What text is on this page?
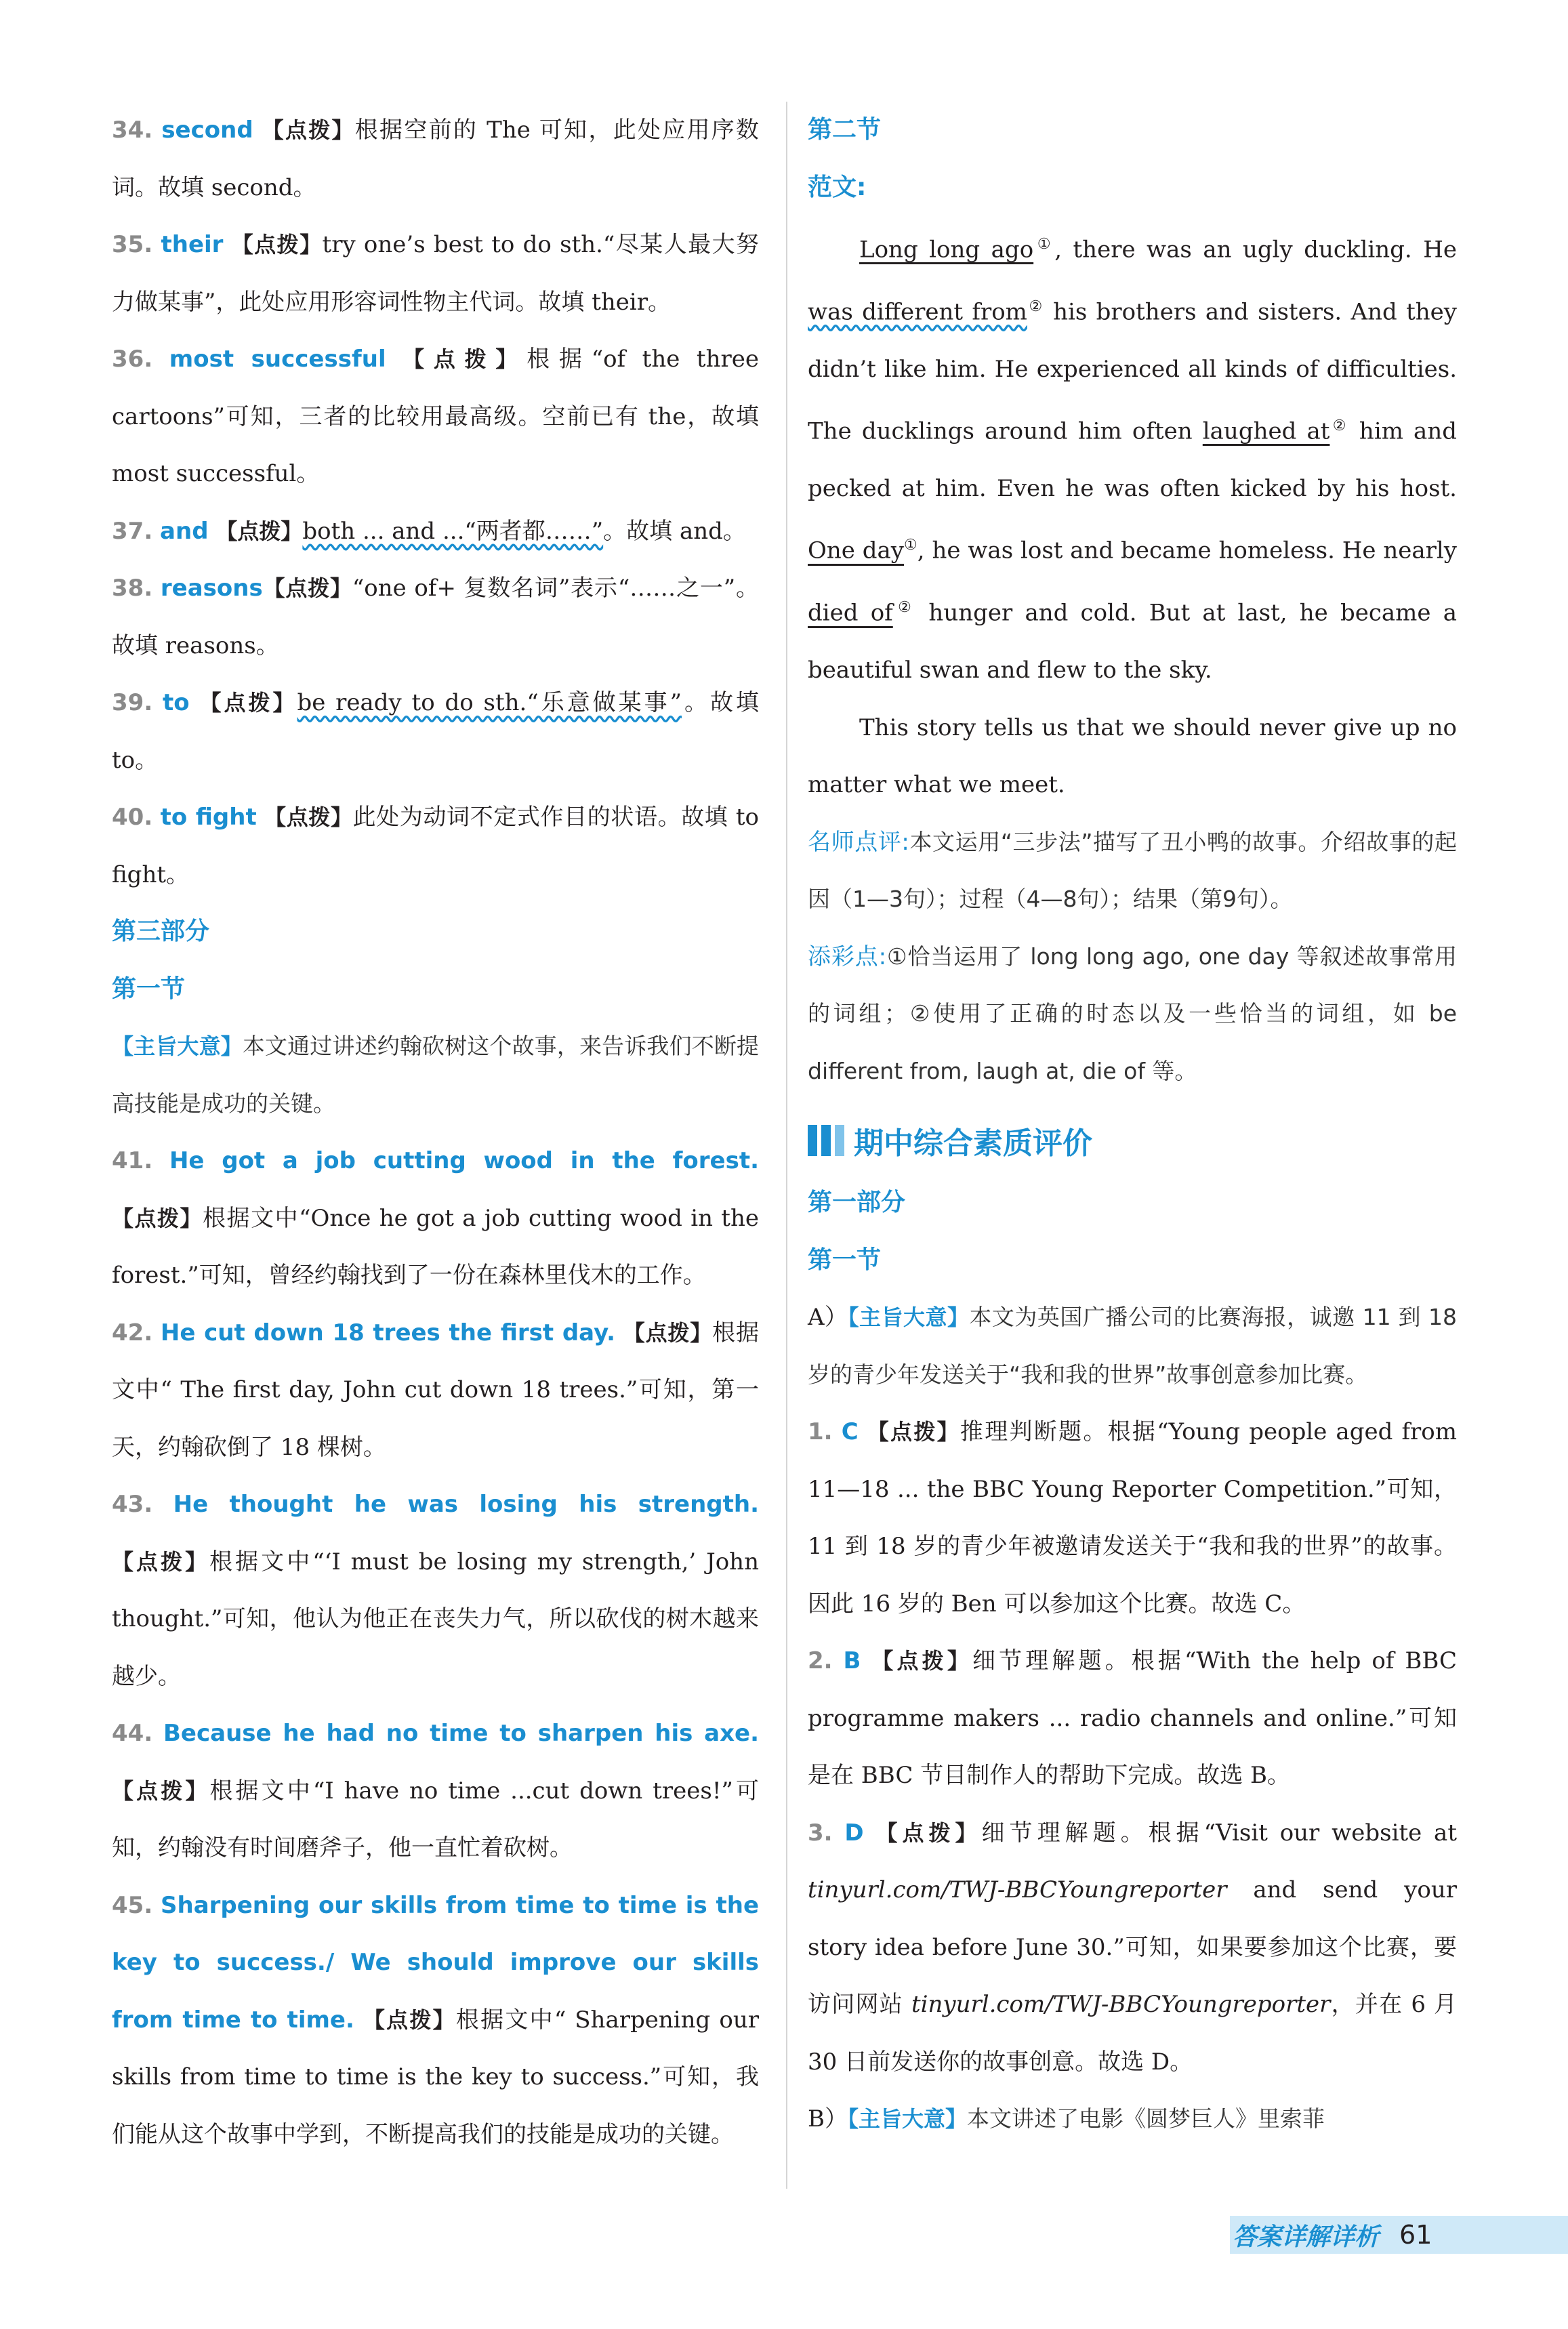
34. second 【点拨】根据空前的 The 可知，此处应用序数词。故填 second。

35. their 【点拨】try one’s best to do sth.“尽某人最大努力做某事”，此处应用形容词性物主代词。故填 their。

36. most successful 【点拨】根据“of the three cartoons”可知，三者的比较用最高级。空前已有 the，故填 most successful。

37. and 【点拨】both ... and ...“两者都……”。故填 and。

38. reasons【点拨】“one of+ 复数名词”表示“……之一”。故填 reasons。

39. to 【点拨】be ready to do sth.“乐意做某事”。故填 to。

40. to fight 【点拨】此处为动词不定式作目的状语。故填 to fight。

第三部分

第一节

【主旨大意】本文通过讲述约翰砍树这个故事，来告诉我们不断提高技能是成功的关键。

41. He got a job cutting wood in the forest. 【点拨】根据文中“Once he got a job cutting wood in the forest.”可知，曾经约翰找到了一份在森林里伐木的工作。

42. He cut down 18 trees the first day. 【点拨】根据文中“ The first day, John cut down 18 trees.”可知，第一天，约翰砍倒了 18 棵树。

43. He thought he was losing his strength. 【点拨】根据文中“‘I must be losing my strength,’ John thought.”可知，他认为他正在丧失力气，所以砍伐的树木越来越少。

44. Because he had no time to sharpen his axe. 【点拨】根据文中“I have no time ...cut down trees!”可知，约翰没有时间磨斧子，他一直忙着砍树。

45. Sharpening our skills from time to time is the key to success./ We should improve our skills from time to time. 【点拨】根据文中“ Sharpening our skills from time to time is the key to success.”可知，我们能从这个故事中学到，不断提高我们的技能是成功的关键。

第二节

范文:

Long long ago①, there was an ugly duckling. He was different from② his brothers and sisters. And they didn’t like him. He experienced all kinds of difficulties. The ducklings around him often laughed at② him and pecked at him. Even he was often kicked by his host. One day①, he was lost and became homeless. He nearly died of② hunger and cold. But at last, he became a beautiful swan and flew to the sky.

This story tells us that we should never give up no matter what we meet.

名师点评:本文运用“三步法”描写了丑小鸭的故事。介绍故事的起因（1—3句）；过程（4—8句）；结果（第9句）。

添彩点:①恰当运用了 long long ago, one day 等叙述故事常用的词组；②使用了正确的时态以及一些恰当的词组，如 be different from, laugh at, die of 等。

期中综合素质评价

第一部分

第一节

A）【主旨大意】本文为英国广播公司的比赛海报，诚邀 11 到 18 岁的青少年发送关于“我和我的世界”故事创意参加比赛。

1. C 【点拨】推理判断题。根据“Young people aged from 11—18 ... the BBC Young Reporter Competition.”可知，11 到 18 岁的青少年被邀请发送关于“我和我的世界”的故事。因此 16 岁的 Ben 可以参加这个比赛。故选 C。

2. B 【点拨】细节理解题。根据“With the help of BBC programme makers ... radio channels and online.”可知是在 BBC 节目制作人的帮助下完成。故选 B。

3. D 【点拨】细节理解题。根据“Visit our website at tinyurl.com/TWJ-BBCYoungreporter and send your story idea before June 30.”可知，如果要参加这个比赛，要访问网站 tinyurl.com/TWJ-BBCYoungreporter，并在 6 月 30 日前发送你的故事创意。故选 D。

B）【主旨大意】本文讲述了电影《圆梦巨人》里索菲

答案详解详析 61
